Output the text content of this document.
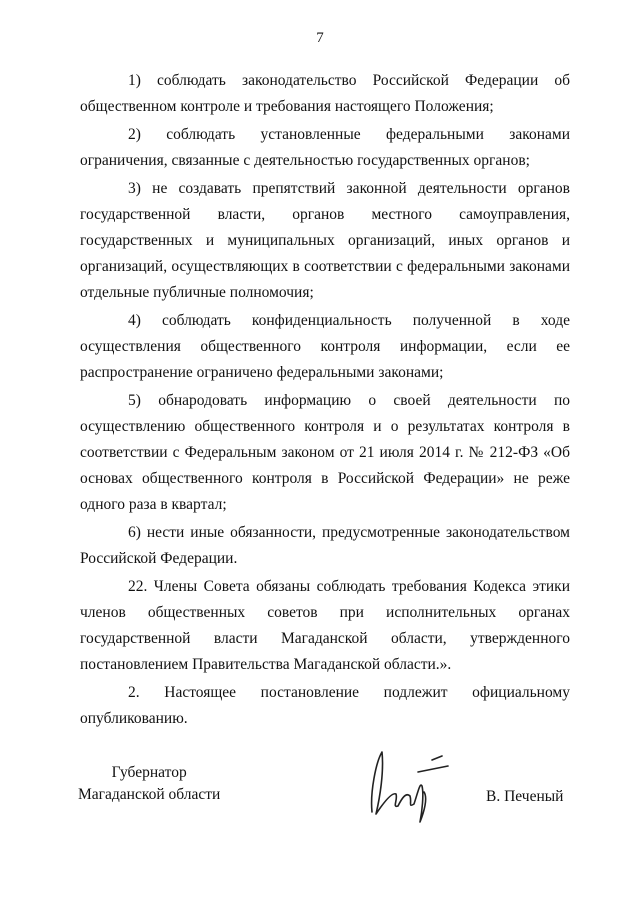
7

1) соблюдать законодательство Российской Федерации об общественном контроле и требования настоящего Положения;

2) соблюдать установленные федеральными законами ограничения, связанные с деятельностью государственных органов;

3) не создавать препятствий законной деятельности органов государственной власти, органов местного самоуправления, государственных и муниципальных организаций, иных органов и организаций, осуществляющих в соответствии с федеральными законами отдельные публичные полномочия;

4) соблюдать конфиденциальность полученной в ходе осуществления общественного контроля информации, если ее распространение ограничено федеральными законами;

5) обнародовать информацию о своей деятельности по осуществлению общественного контроля и о результатах контроля в соответствии с Федеральным законом от 21 июля 2014 г. № 212-ФЗ «Об основах общественного контроля в Российской Федерации» не реже одного раза в квартал;

6) нести иные обязанности, предусмотренные законодательством Российской Федерации.

22. Члены Совета обязаны соблюдать требования Кодекса этики членов общественных советов при исполнительных органах государственной власти Магаданской области, утвержденного постановлением Правительства Магаданской области.».

2. Настоящее постановление подлежит официальному опубликованию.

Губернатор
Магаданской области	В. Печеный
